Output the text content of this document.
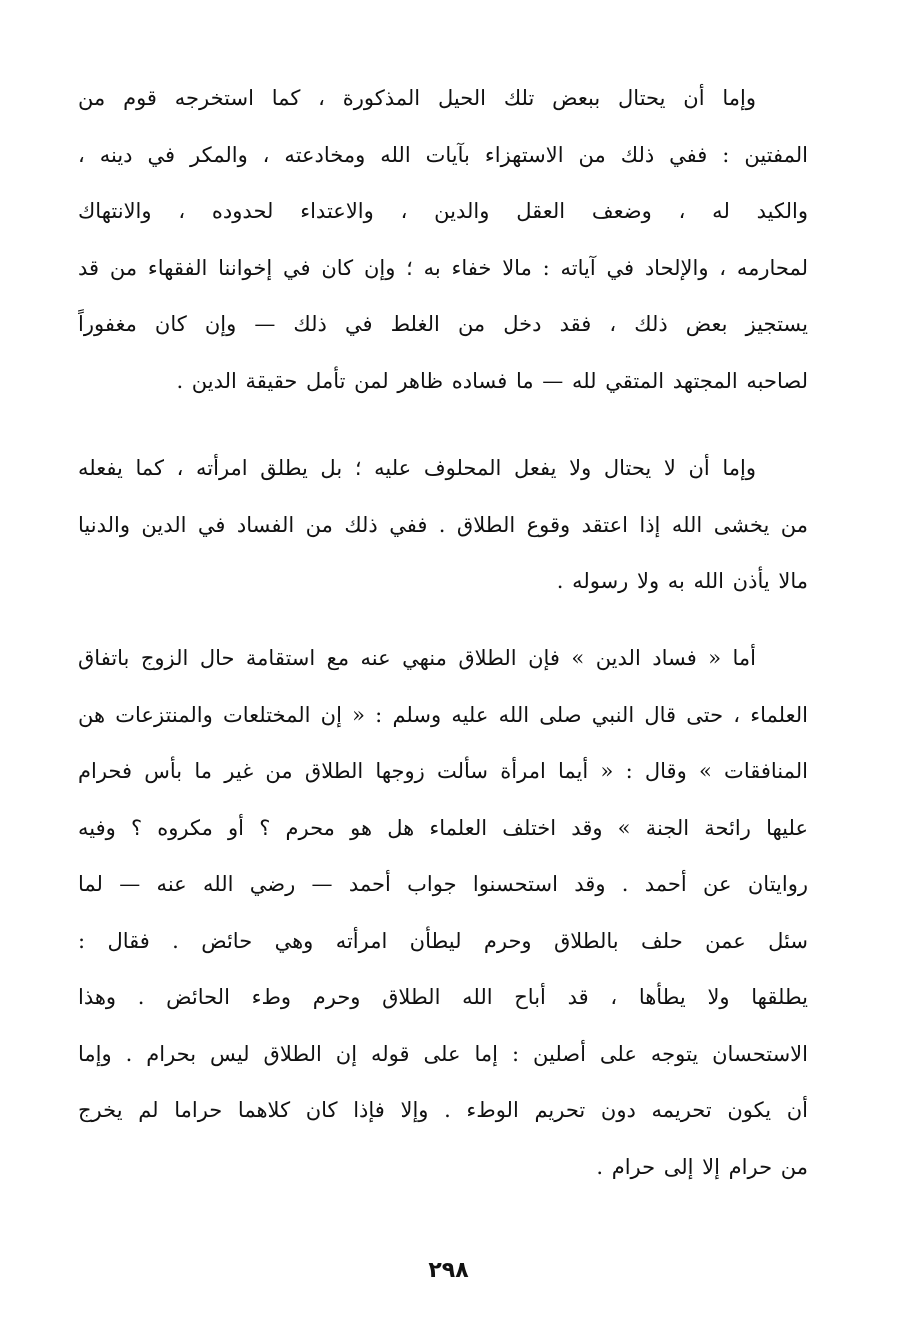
وإما أن يحتال ببعض تلك الحيل المذكورة ، كما استخرجه قوم من
المفتين : ففي ذلك من الاستهزاء بآيات الله ومخادعته ، والمكر في دينه ،
والكيد له ، وضعف العقل والدين ، والاعتداء لحدوده ، والانتهاك
لمحارمه ، والإلحاد في آياته : مالا خفاء به ؛ وإن كان في إخواننا الفقهاء من قد
يستجيز بعض ذلك ، فقد دخل من الغلط في ذلك — وإن كان مغفوراً
لصاحبه المجتهد المتقي لله — ما فساده ظاهر لمن تأمل حقيقة الدين .
وإما أن لا يحتال ولا يفعل المحلوف عليه ؛ بل يطلق امرأته ، كما يفعله
من يخشى الله إذا اعتقد وقوع الطلاق . ففي ذلك من الفساد في الدين والدنيا
مالا يأذن الله به ولا رسوله .
أما « فساد الدين » فإن الطلاق منهي عنه مع استقامة حال الزوج باتفاق
العلماء ، حتى قال النبي صلى الله عليه وسلم : « إن المختلعات والمنتزعات هن
المنافقات » وقال : « أيما امرأة سألت زوجها الطلاق من غير ما بأس فحرام
عليها رائحة الجنة » وقد اختلف العلماء هل هو محرم ؟ أو مكروه ؟ وفيه
روايتان عن أحمد . وقد استحسنوا جواب أحمد — رضي الله عنه — لما
سئل عمن حلف بالطلاق وحرم ليطأن امرأته وهي حائض . فقال :
يطلقها ولا يطأها ، قد أباح الله الطلاق وحرم وطء الحائض . وهذا
الاستحسان يتوجه على أصلين : إما على قوله إن الطلاق ليس بحرام . وإما
أن يكون تحريمه دون تحريم الوطء . وإلا فإذا كان كلاهما حراما لم يخرج
من حرام إلا إلى حرام .
٢٩٨
